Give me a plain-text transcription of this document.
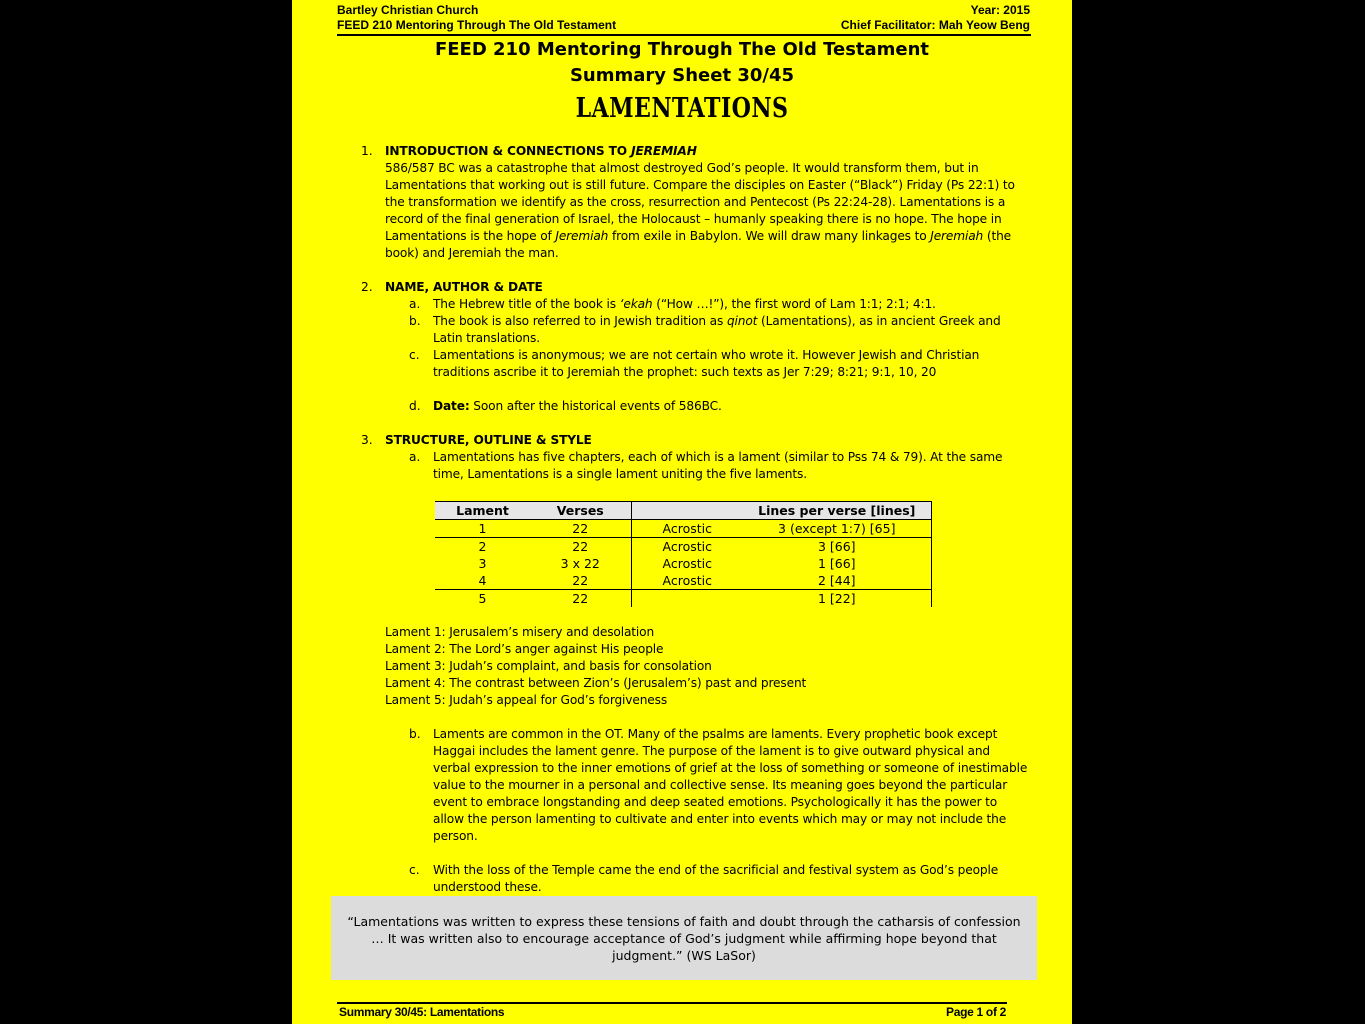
Bartley Christian Church
FEED 210 Mentoring Through The Old Testament
Year: 2015
Chief Facilitator: Mah Yeow Beng
FEED 210 Mentoring Through The Old Testament
Summary Sheet 30/45
LAMENTATIONS
1. INTRODUCTION & CONNECTIONS TO JEREMIAH
586/587 BC was a catastrophe that almost destroyed God’s people. It would transform them, but in Lamentations that working out is still future. Compare the disciples on Easter (“Black”) Friday (Ps 22:1) to the transformation we identify as the cross, resurrection and Pentecost (Ps 22:24-28). Lamentations is a record of the final generation of Israel, the Holocaust – humanly speaking there is no hope. The hope in Lamentations is the hope of Jeremiah from exile in Babylon. We will draw many linkages to Jeremiah (the book) and Jeremiah the man.
2. NAME, AUTHOR & DATE
a. The Hebrew title of the book is ‘ekah (“How …!”), the first word of Lam 1:1; 2:1; 4:1.
b. The book is also referred to in Jewish tradition as qinot (Lamentations), as in ancient Greek and Latin translations.
c. Lamentations is anonymous; we are not certain who wrote it. However Jewish and Christian traditions ascribe it to Jeremiah the prophet: such texts as Jer 7:29; 8:21; 9:1, 10, 20
d. Date: Soon after the historical events of 586BC.
3. STRUCTURE, OUTLINE & STYLE
a. Lamentations has five chapters, each of which is a lament (similar to Pss 74 & 79). At the same time, Lamentations is a single lament uniting the five laments.
Lament	Verses		Lines per verse [lines]
1	22	Acrostic	3 (except 1:7) [65]
2	22	Acrostic	3 [66]
3	3 x 22	Acrostic	1 [66]
4	22	Acrostic	2 [44]
5	22		1 [22]
Lament 1: Jerusalem’s misery and desolation
Lament 2: The Lord’s anger against His people
Lament 3: Judah’s complaint, and basis for consolation
Lament 4: The contrast between Zion’s (Jerusalem’s) past and present
Lament 5: Judah’s appeal for God’s forgiveness
b. Laments are common in the OT. Many of the psalms are laments. Every prophetic book except Haggai includes the lament genre. The purpose of the lament is to give outward physical and verbal expression to the inner emotions of grief at the loss of something or someone of inestimable value to the mourner in a personal and collective sense. Its meaning goes beyond the particular event to embrace longstanding and deep seated emotions. Psychologically it has the power to allow the person lamenting to cultivate and enter into events which may or may not include the person.
c. With the loss of the Temple came the end of the sacrificial and festival system as God’s people understood these.
“Lamentations was written to express these tensions of faith and doubt through the catharsis of confession … It was written also to encourage acceptance of God’s judgment while affirming hope beyond that judgment.” (WS LaSor)
Summary 30/45: Lamentations	Page 1 of 2
